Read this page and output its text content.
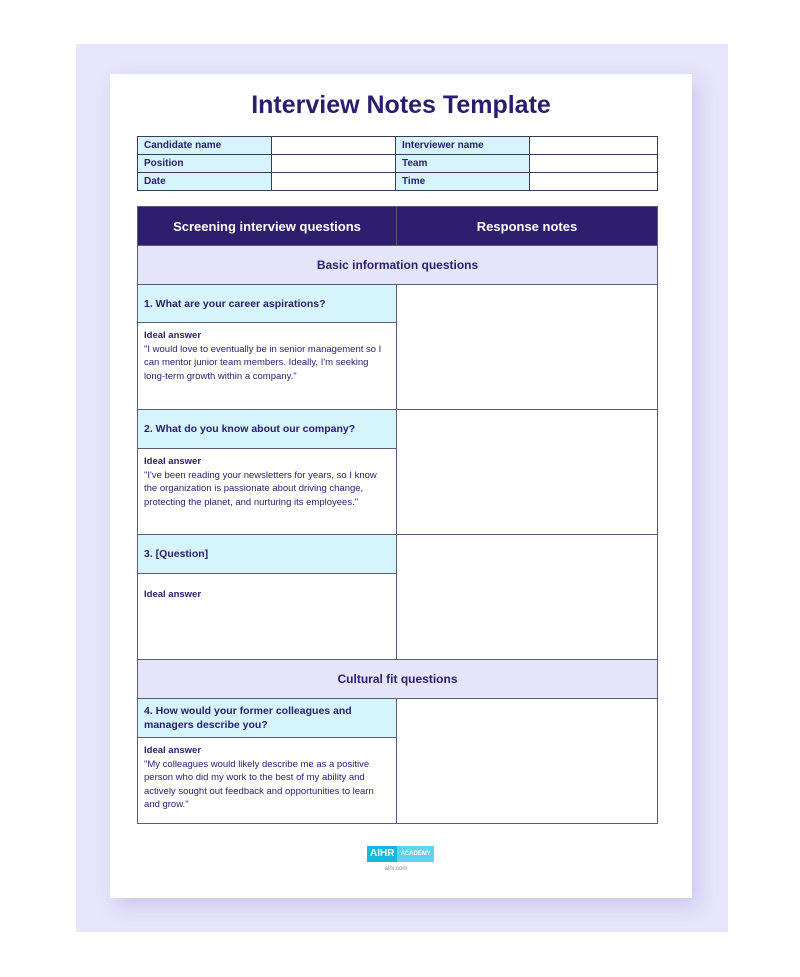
Interview Notes Template
Candidate name		Interviewer name	
Position		Team	
Date		Time	
Screening interview questions	Response notes
Basic information questions	

1. What are your career aspirations?
Ideal answer
"I would love to eventually be in senior management so I can mentor junior team members. Ideally, I'm seeking long-term growth within a company."	

2. What do you know about our company?
Ideal answer
"I've been reading your newsletters for years, so I know the organization is passionate about driving change, protecting the planet, and nurturing its employees."	

3. [Question]
Ideal answer	

Cultural fit questions	

4. How would your former colleagues and managers describe you?
Ideal answer
"My colleagues would likely describe me as a positive person who did my work to the best of my ability and actively sought out feedback and opportunities to learn and grow."	

AIHR	ACADEMY
aihr.com
